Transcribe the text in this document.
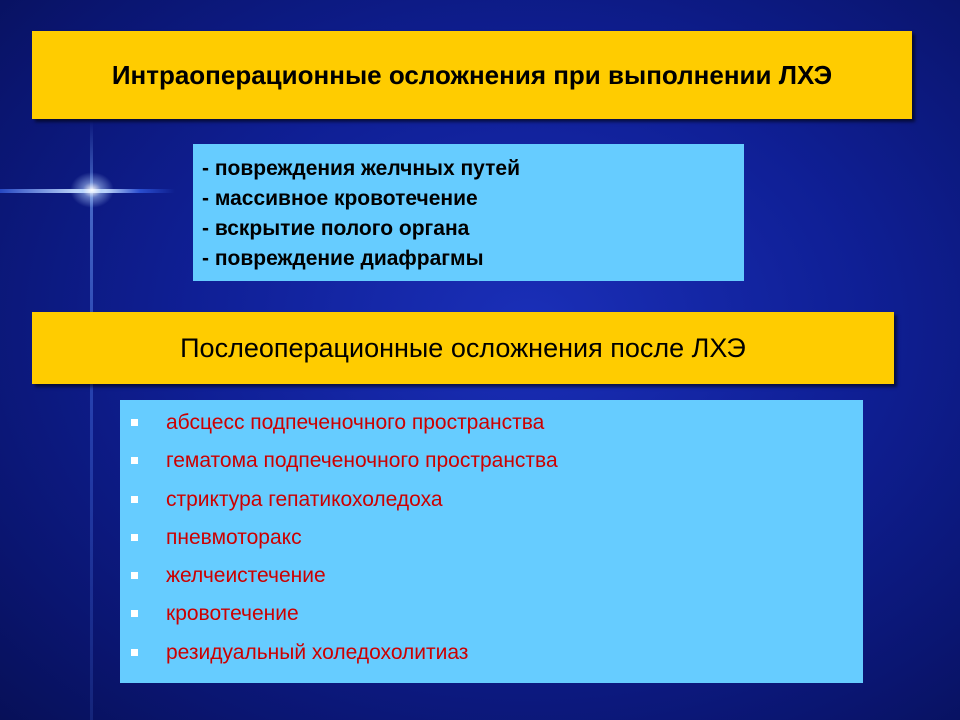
Интраоперационные осложнения при выполнении ЛХЭ
- повреждения желчных путей
- массивное кровотечение
- вскрытие полого органа
- повреждение диафрагмы
Послеоперационные осложнения после ЛХЭ
абсцесс подпеченочного пространства
гематома подпеченочного пространства
стриктура гепатикохоледоха
пневмоторакс
желчеистечение
кровотечение
резидуальный холедохолитиаз
